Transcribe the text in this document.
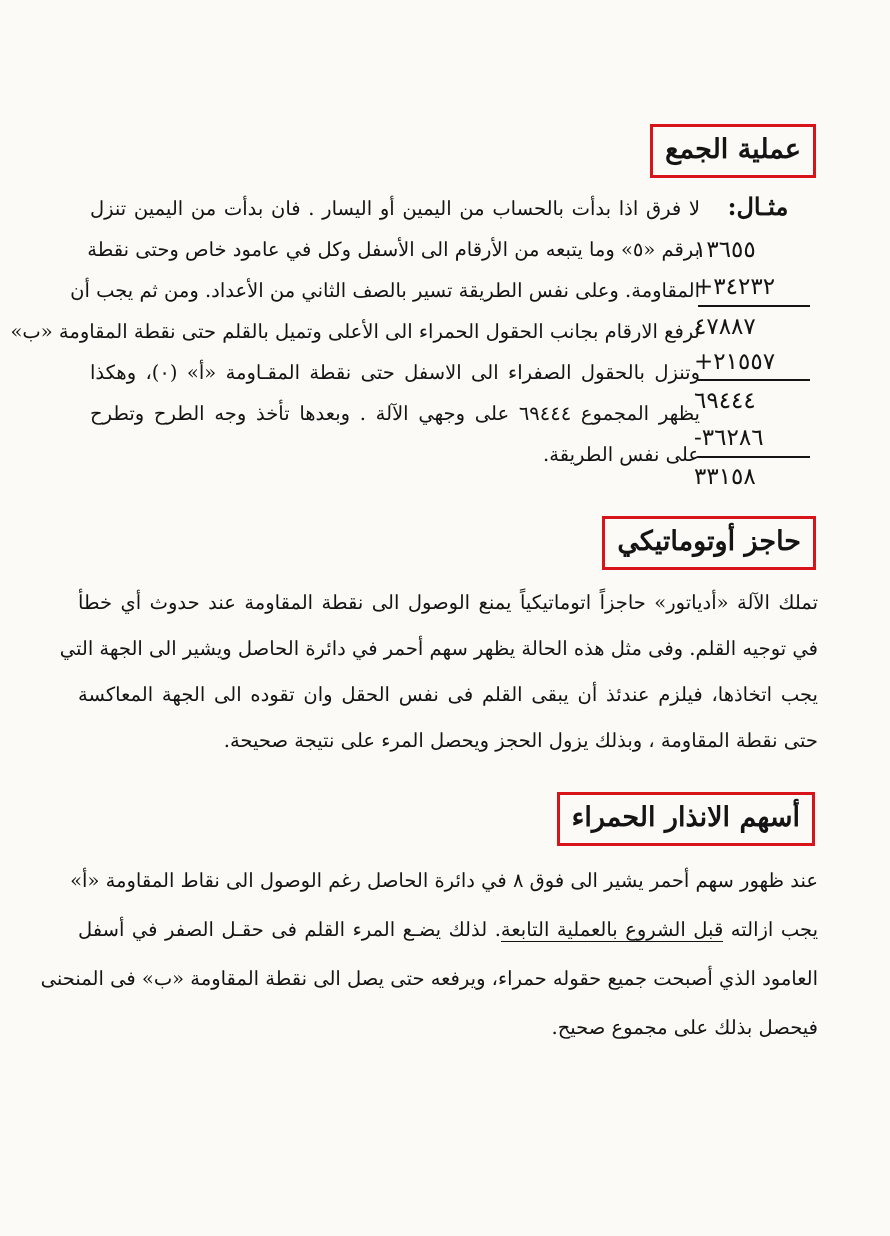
عملية الجمع
لا فرق اذا بدأت بالحساب من اليمين أو اليسار . فان بدأت من اليمين تنزل
برقم «٥» وما يتبعه من الأرقام الى الأسفل وكل في عامود خاص وحتى نقطة
المقاومة. وعلى نفس الطريقة تسير بالصف الثاني من الأعداد. ومن ثم يجب أن
ترفع الارقام بجانب الحقول الحمراء الى الأعلى وتميل بالقلم حتى نقطة المقاومة «ب»
وتنزل بالحقول الصفراء الى الاسفل حتى نقطة المقـاومة «أ» (٠)، وهكذا
يظهر المجموع ٦٩٤٤٤ على وجهي الآلة . وبعدها تأخذ وجه الطرح وتطرح
على نفس الطريقة.
مثـال:
١٣٦٥٥
+٣٤٢٣٢
٤٧٨٨٧
+٢١٥٥٧
٦٩٤٤٤
-٣٦٢٨٦
٣٣١٥٨
حاجز أوتوماتيكي
تملك الآلة «أدياتور» حاجزاً اتوماتيكياً يمنع الوصول الى نقطة المقاومة عند حدوث أي خطأ
في توجيه القلم. وفى مثل هذه الحالة يظهر سهم أحمر في دائرة الحاصل ويشير الى الجهة التي
يجب اتخاذها، فيلزم عندئذ أن يبقى القلم فى نفس الحقل وان تقوده الى الجهة المعاكسة
حتى نقطة المقاومة ، وبذلك يزول الحجز ويحصل المرء على نتيجة صحيحة.
أسهم الانذار الحمراء
عند ظهور سهم أحمر يشير الى فوق ٨ في دائرة الحاصل رغم الوصول الى نقاط المقاومة «أ»
يجب ازالته قبل الشروع بالعملية التابعة. لذلك يضـع المرء القلم فى حقـل الصفر في أسفل
العامود الذي أصبحت جميع حقوله حمراء، ويرفعه حتى يصل الى نقطة المقاومة «ب» فى المنحنى
فيحصل بذلك على مجموع صحيح.
